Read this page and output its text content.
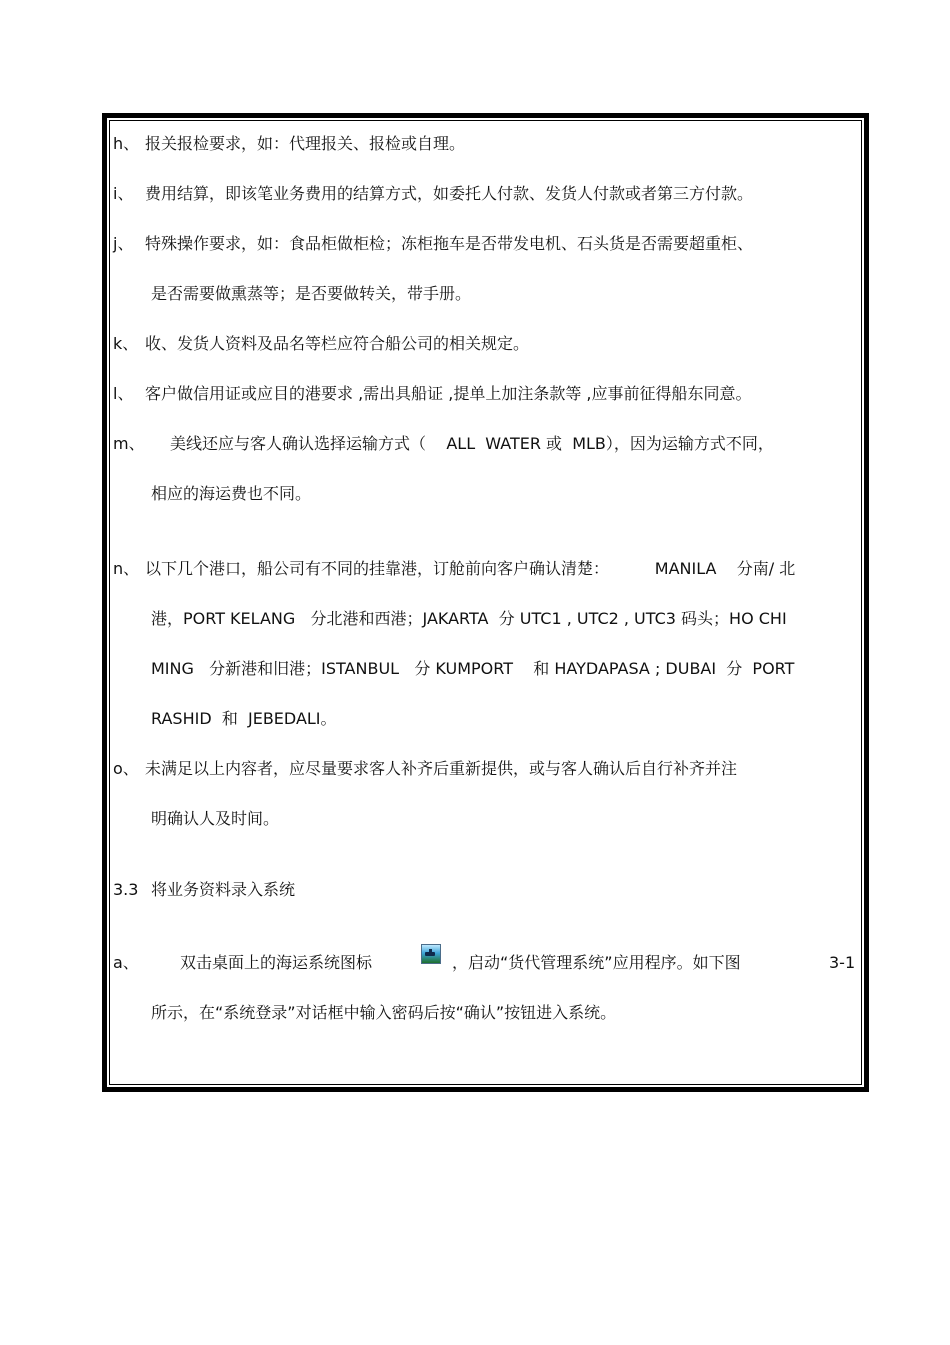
h、 报关报检要求，如：代理报关、报检或自理。
i、 费用结算，即该笔业务费用的结算方式，如委托人付款、发货人付款或者第三方付款。
j、 特殊操作要求，如：食品柜做柜检；冻柜拖车是否带发电机、石头货是否需要超重柜、
是否需要做熏蒸等；是否要做转关，带手册。
k、 收、发货人资料及品名等栏应符合船公司的相关规定。
l、 客户做信用证或应目的港要求 ,需出具船证 ,提单上加注条款等 ,应事前征得船东同意。
m、 美线还应与客人确认选择运输方式（    ALL  WATER 或  MLB），因为运输方式不同，
相应的海运费也不同。
n、 以下几个港口，船公司有不同的挂靠港，订舱前向客户确认清楚：         MANILA    分南/ 北
港，PORT KELANG   分北港和西港；JAKARTA  分 UTC1 , UTC2 , UTC3 码头；HO CHI
MING   分新港和旧港；ISTANBUL   分 KUMPORT    和 HAYDAPASA ; DUBAI  分  PORT
RASHID  和  JEBEDALI。
o、 未满足以上内容者，应尽量要求客人补齐后重新提供，或与客人确认后自行补齐并注
明确认人及时间。
3.3 将业务资料录入系统
a、	双击桌面上的海运系统图标	，启动“货代管理系统”应用程序。如下图	3-1
所示，在“系统登录”对话框中输入密码后按“确认”按钮进入系统。
